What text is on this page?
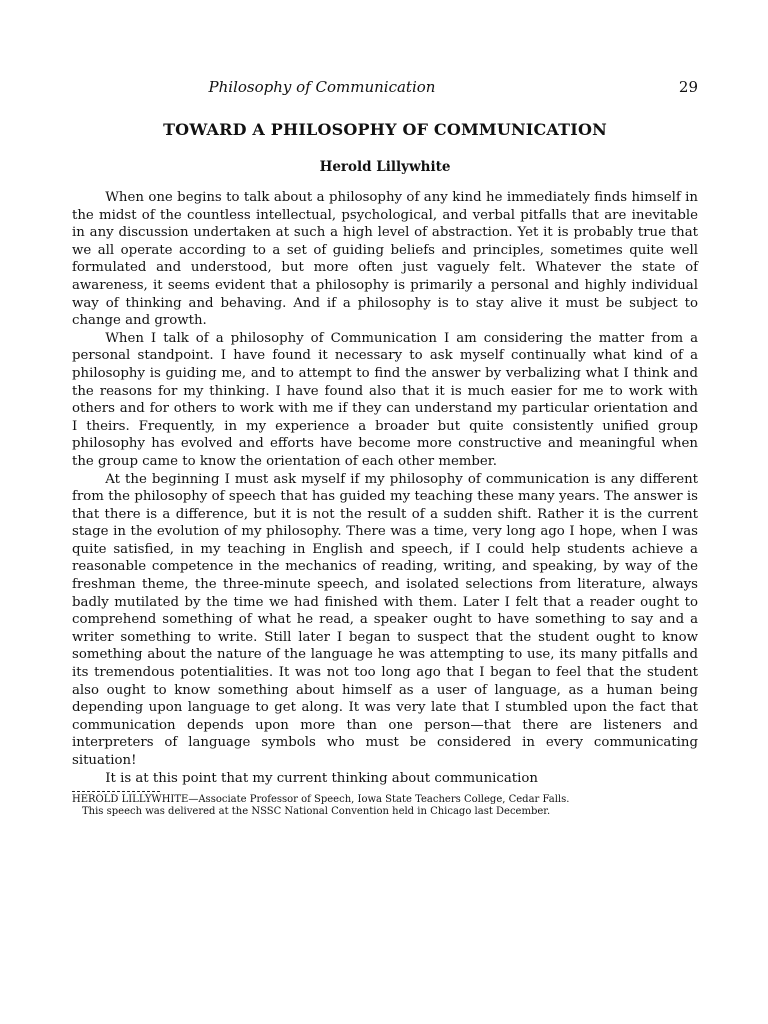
Philosophy of Communication	29
TOWARD A PHILOSOPHY OF COMMUNICATION
Herold Lillywhite

When one begins to talk about a philosophy of any kind he immediately finds himself in the midst of the countless intellectual, psychological, and verbal pitfalls that are inevitable in any discussion undertaken at such a high level of abstraction. Yet it is probably true that we all operate according to a set of guiding beliefs and principles, sometimes quite well formulated and understood, but more often just vaguely felt. Whatever the state of awareness, it seems evident that a philosophy is primarily a personal and highly individual way of thinking and behaving. And if a philosophy is to stay alive it must be subject to change and growth.

When I talk of a philosophy of Communication I am considering the matter from a personal standpoint. I have found it necessary to ask myself continually what kind of a philosophy is guiding me, and to attempt to find the answer by verbalizing what I think and the reasons for my thinking. I have found also that it is much easier for me to work with others and for others to work with me if they can understand my particular orientation and I theirs. Frequently, in my experience a broader but quite consistently unified group philosophy has evolved and efforts have become more constructive and meaningful when the group came to know the orientation of each other member.

At the beginning I must ask myself if my philosophy of communication is any different from the philosophy of speech that has guided my teaching these many years. The answer is that there is a difference, but it is not the result of a sudden shift. Rather it is the current stage in the evolution of my philosophy. There was a time, very long ago I hope, when I was quite satisfied, in my teaching in English and speech, if I could help students achieve a reasonable competence in the mechanics of reading, writing, and speaking, by way of the freshman theme, the three-minute speech, and isolated selections from literature, always badly mutilated by the time we had finished with them. Later I felt that a reader ought to comprehend something of what he read, a speaker ought to have something to say and a writer something to write. Still later I began to suspect that the student ought to know something about the nature of the language he was attempting to use, its many pitfalls and its tremendous potentialities. It was not too long ago that I began to feel that the student also ought to know something about himself as a user of language, as a human being depending upon language to get along. It was very late that I stumbled upon the fact that communication depends upon more than one person—that there are listeners and interpreters of language symbols who must be considered in every communicating situation!

It is at this point that my current thinking about communication

HEROLD LILLYWHITE—Associate Professor of Speech, Iowa State Teachers College, Cedar Falls.

This speech was delivered at the NSSC National Convention held in Chicago last December.
